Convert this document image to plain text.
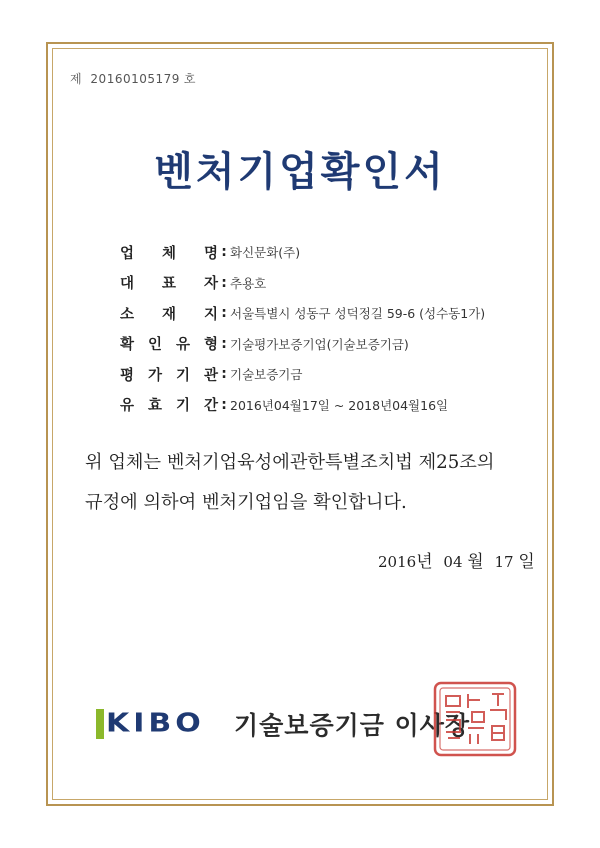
제 20160105179 호
벤처기업확인서
업 체 명 : 화신문화(주)
대 표 자 : 추용호
소 재 지 : 서울특별시 성동구 성덕정길 59-6 (성수동1가)
확 인 유 형 : 기술평가보증기업(기술보증기금)
평 가 기 관 : 기술보증기금
유 효 기 간 : 2016년04월17일 ~ 2018년04월16일
위 업체는 벤처기업육성에관한특별조치법 제25조의
규정에 의하여 벤처기업임을 확인합니다.
2016년 04 월 17 일
KIBO 기술보증기금 이사장
